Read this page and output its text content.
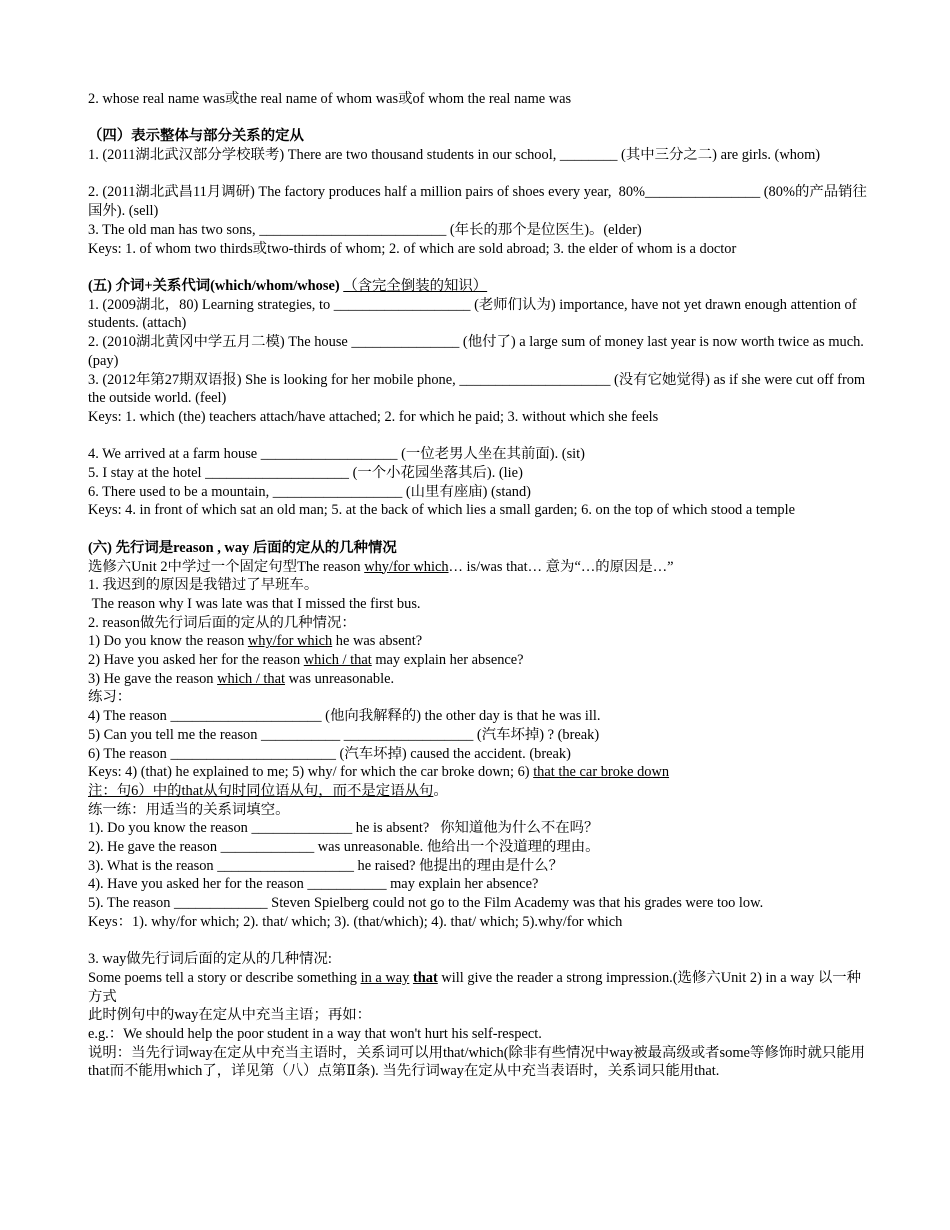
2. whose real name was或the real name of whom was或of whom the real name was

（四）表示整体与部分关系的定从

1. (2011湖北武汉部分学校联考) There are two thousand students in our school, ________ (其中三分之二) are girls. (whom)

2. (2011湖北武昌11月调研) The factory produces half a million pairs of shoes every year,  80%________________ (80%的产品销往国外). (sell)

3. The old man has two sons, __________________________ (年长的那个是位医生)。(elder)

Keys: 1. of whom two thirds或two-thirds of whom; 2. of which are sold abroad; 3. the elder of whom is a doctor

(五) 介词+关系代词(which/whom/whose) （含完全倒装的知识）

1. (2009湖北，80) Learning strategies, to ___________________ (老师们认为) importance, have not yet drawn enough attention of students. (attach)

2. (2010湖北黄冈中学五月二模) The house _______________ (他付了) a large sum of money last year is now worth twice as much. (pay)

3. (2012年第27期双语报) She is looking for her mobile phone, _____________________ (没有它她觉得) as if she were cut off from the outside world. (feel)

Keys: 1. which (the) teachers attach/have attached; 2. for which he paid; 3. without which she feels

4. We arrived at a farm house ___________________ (一位老男人坐在其前面). (sit)

5. I stay at the hotel ____________________ (一个小花园坐落其后). (lie)

6. There used to be a mountain, __________________ (山里有座庙) (stand)

Keys: 4. in front of which sat an old man; 5. at the back of which lies a small garden; 6. on the top of which stood a temple

(六) 先行词是reason , way 后面的定从的几种情况

选修六Unit 2中学过一个固定句型The reason why/for which… is/was that… 意为“…的原因是…”

1. 我迟到的原因是我错过了早班车。

The reason why I was late was that I missed the first bus.

2. reason做先行词后面的定从的几种情况：

1) Do you know the reason why/for which he was absent?

2) Have you asked her for the reason which / that may explain her absence?

3) He gave the reason which / that was unreasonable.

练习：

4) The reason _____________________ (他向我解释的) the other day is that he was ill.

5) Can you tell me the reason ___________ __________________ (汽车坏掉) ? (break)

6) The reason _______________________ (汽车坏掉) caused the accident. (break)

Keys: 4) (that) he explained to me; 5) why/ for which the car broke down; 6) that the car broke down

注：句6）中的that从句时同位语从句，而不是定语从句。

练一练：用适当的关系词填空。

1). Do you know the reason ______________ he is absent?   你知道他为什么不在吗？

2). He gave the reason _____________ was unreasonable. 他给出一个没道理的理由。

3). What is the reason ___________________ he raised? 他提出的理由是什么？

4). Have you asked her for the reason ___________ may explain her absence?

5). The reason _____________ Steven Spielberg could not go to the Film Academy was that his grades were too low.

Keys：1). why/for which; 2). that/ which; 3). (that/which); 4). that/ which; 5).why/for which

3. way做先行词后面的定从的几种情况:

Some poems tell a story or describe something in a way that will give the reader a strong impression.(选修六Unit 2) in a way 以一种方式

此时例句中的way在定从中充当主语；再如：

e.g.：We should help the poor student in a way that won't hurt his self-respect.

说明：当先行词way在定从中充当主语时，关系词可以用that/which(除非有些情况中way被最高级或者some等修饰时就只能用that而不能用which了，详见第（八）点第Ⅱ条). 当先行词way在定从中充当表语时，关系词只能用that.
